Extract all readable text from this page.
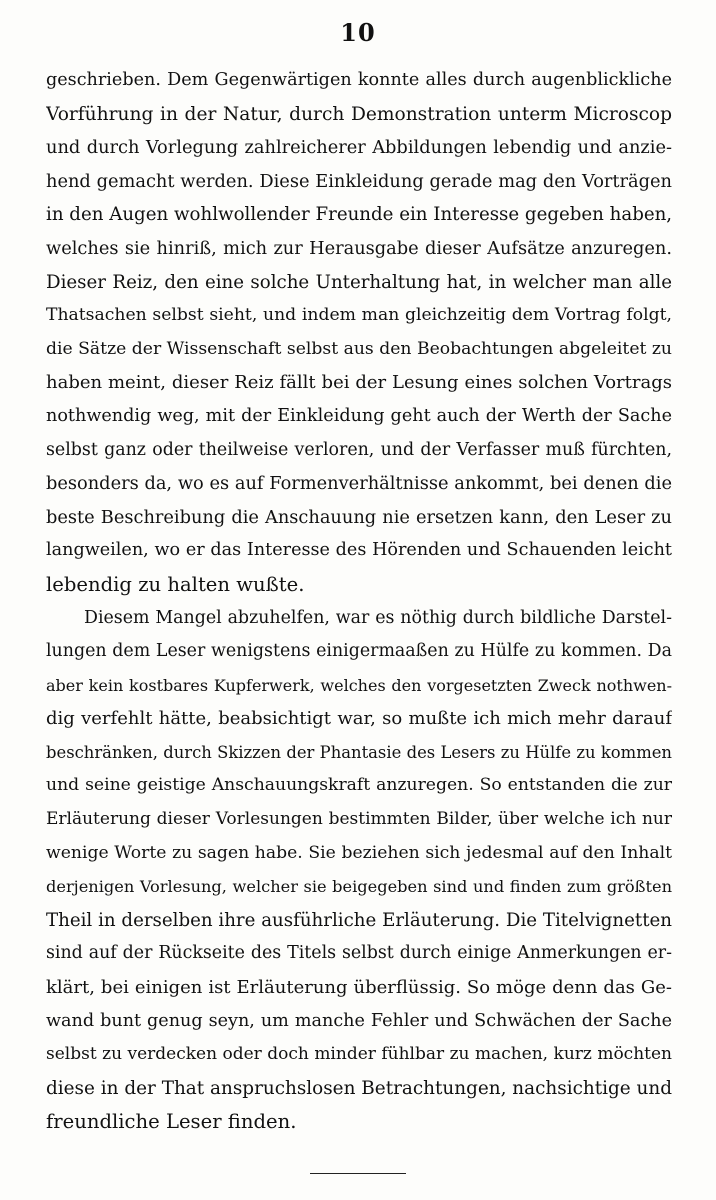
10
geschrieben. Dem Gegenwärtigen konnte alles durch augenblickliche
Vorführung in der Natur, durch Demonstration unterm Microscop
und durch Vorlegung zahlreicherer Abbildungen lebendig und anzie-
hend gemacht werden. Diese Einkleidung gerade mag den Vorträgen
in den Augen wohlwollender Freunde ein Interesse gegeben haben,
welches sie hinriß, mich zur Herausgabe dieser Aufsätze anzuregen.
Dieser Reiz, den eine solche Unterhaltung hat, in welcher man alle
Thatsachen selbst sieht, und indem man gleichzeitig dem Vortrag folgt,
die Sätze der Wissenschaft selbst aus den Beobachtungen abgeleitet zu
haben meint, dieser Reiz fällt bei der Lesung eines solchen Vortrags
nothwendig weg, mit der Einkleidung geht auch der Werth der Sache
selbst ganz oder theilweise verloren, und der Verfasser muß fürchten,
besonders da, wo es auf Formenverhältnisse ankommt, bei denen die
beste Beschreibung die Anschauung nie ersetzen kann, den Leser zu
langweilen, wo er das Interesse des Hörenden und Schauenden leicht
lebendig zu halten wußte.
Diesem Mangel abzuhelfen, war es nöthig durch bildliche Darstel-
lungen dem Leser wenigstens einigermaaßen zu Hülfe zu kommen. Da
aber kein kostbares Kupferwerk, welches den vorgesetzten Zweck nothwen-
dig verfehlt hätte, beabsichtigt war, so mußte ich mich mehr darauf
beschränken, durch Skizzen der Phantasie des Lesers zu Hülfe zu kommen
und seine geistige Anschauungskraft anzuregen. So entstanden die zur
Erläuterung dieser Vorlesungen bestimmten Bilder, über welche ich nur
wenige Worte zu sagen habe. Sie beziehen sich jedesmal auf den Inhalt
derjenigen Vorlesung, welcher sie beigegeben sind und finden zum größten
Theil in derselben ihre ausführliche Erläuterung. Die Titelvignetten
sind auf der Rückseite des Titels selbst durch einige Anmerkungen er-
klärt, bei einigen ist Erläuterung überflüssig. So möge denn das Ge-
wand bunt genug seyn, um manche Fehler und Schwächen der Sache
selbst zu verdecken oder doch minder fühlbar zu machen, kurz möchten
diese in der That anspruchslosen Betrachtungen, nachsichtige und
freundliche Leser finden.
